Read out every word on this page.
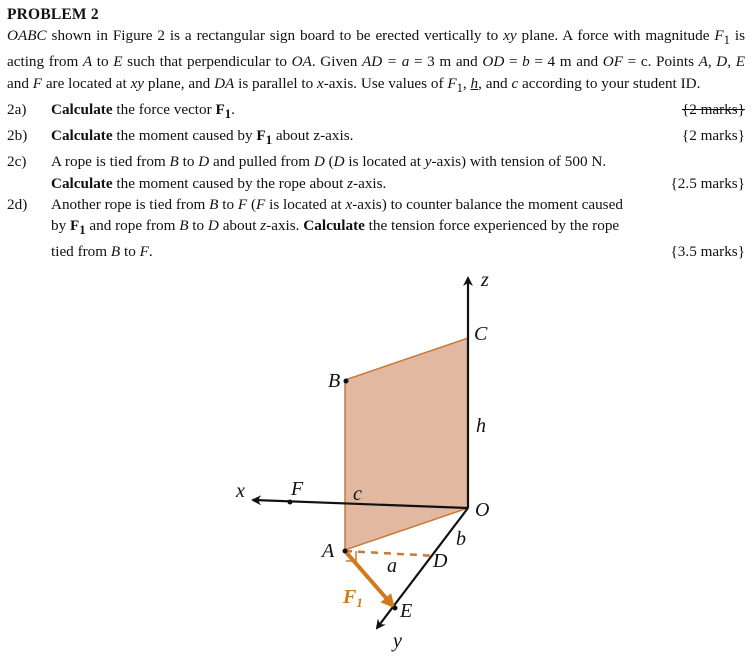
PROBLEM 2
OABC shown in Figure 2 is a rectangular sign board to be erected vertically to xy plane. A force with magnitude $F_1$ is acting from A to E such that perpendicular to OA. Given AD = a = 3 m and OD = b = 4 m and OF = c. Points A, D, E and F are located at xy plane, and DA is parallel to x-axis. Use values of $F_1$, h, and c according to your student ID.
2a)	Calculate the force vector $F_1$.	{2 marks}
2b)	Calculate the moment caused by $F_1$ about z-axis.	{2 marks}
2c)	A rope is tied from B to D and pulled from D (D is located at y-axis) with tension of 500 N.
Calculate the moment caused by the rope about z-axis.	{2.5 marks}
2d)	Another rope is tied from B to F (F is located at x-axis) to counter balance the moment caused
by $F_1$ and rope from B to D about z-axis. Calculate the tension force experienced by the rope
tied from B to F.	{3.5 marks}
z
C
B
h
x F c
O
b
A	D
a
E
y
$F_1$
